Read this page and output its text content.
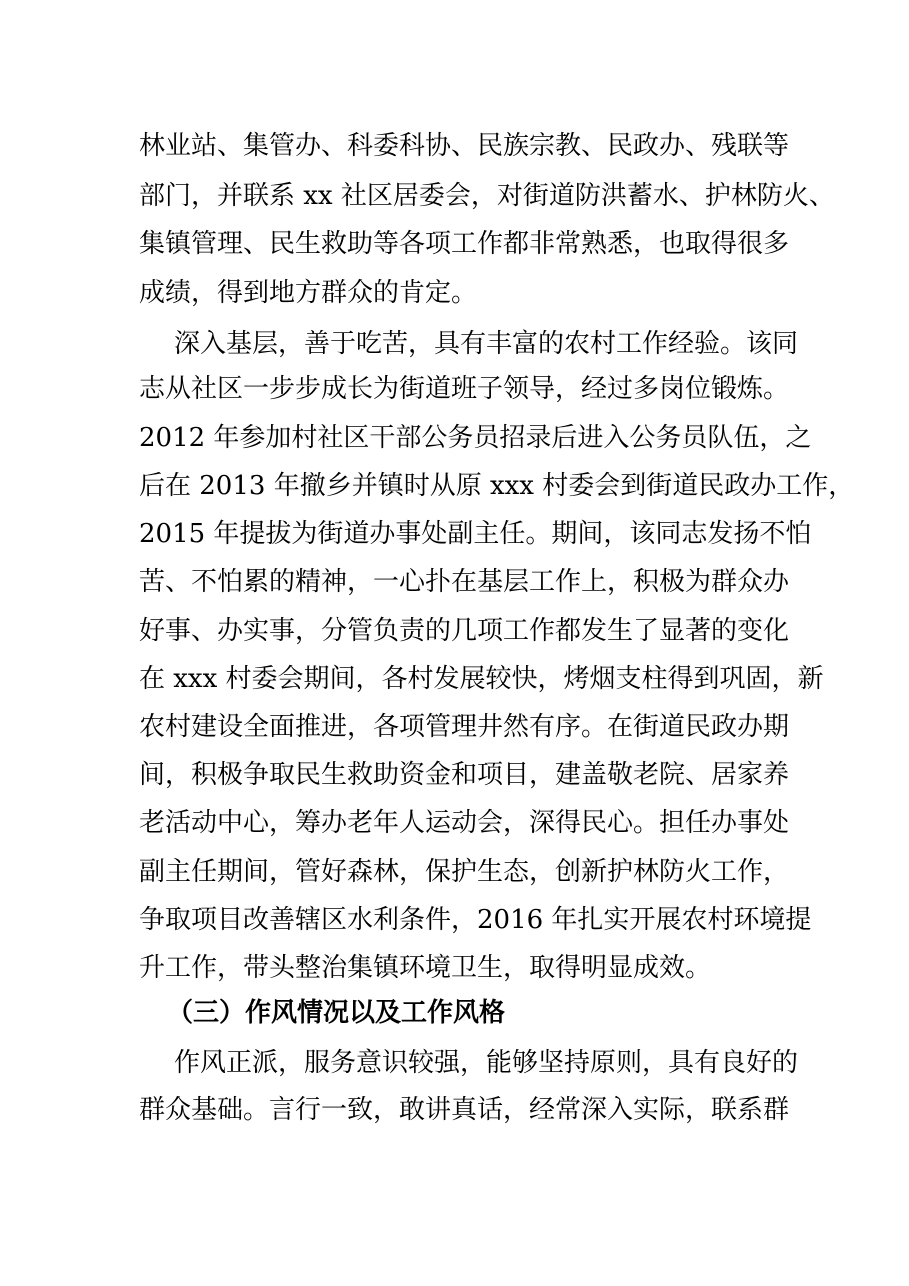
林业站、集管办、科委科协、民族宗教、民政办、残联等
部门，并联系 xx 社区居委会，对街道防洪蓄水、护林防火、
集镇管理、民生救助等各项工作都非常熟悉，也取得很多
成绩，得到地方群众的肯定。
深入基层，善于吃苦，具有丰富的农村工作经验。该同
志从社区一步步成长为街道班子领导，经过多岗位锻炼。
2012 年参加村社区干部公务员招录后进入公务员队伍，之
后在 2013 年撤乡并镇时从原 xxx 村委会到街道民政办工作，
2015 年提拔为街道办事处副主任。期间，该同志发扬不怕
苦、不怕累的精神，一心扑在基层工作上，积极为群众办
好事、办实事，分管负责的几项工作都发生了显著的变化
在 xxx 村委会期间，各村发展较快，烤烟支柱得到巩固，新
农村建设全面推进，各项管理井然有序。在街道民政办期
间，积极争取民生救助资金和项目，建盖敬老院、居家养
老活动中心，筹办老年人运动会，深得民心。担任办事处
副主任期间，管好森林，保护生态，创新护林防火工作，
争取项目改善辖区水利条件，2016 年扎实开展农村环境提
升工作，带头整治集镇环境卫生，取得明显成效。
（三）作风情况以及工作风格
作风正派，服务意识较强，能够坚持原则，具有良好的
群众基础。言行一致，敢讲真话，经常深入实际，联系群
